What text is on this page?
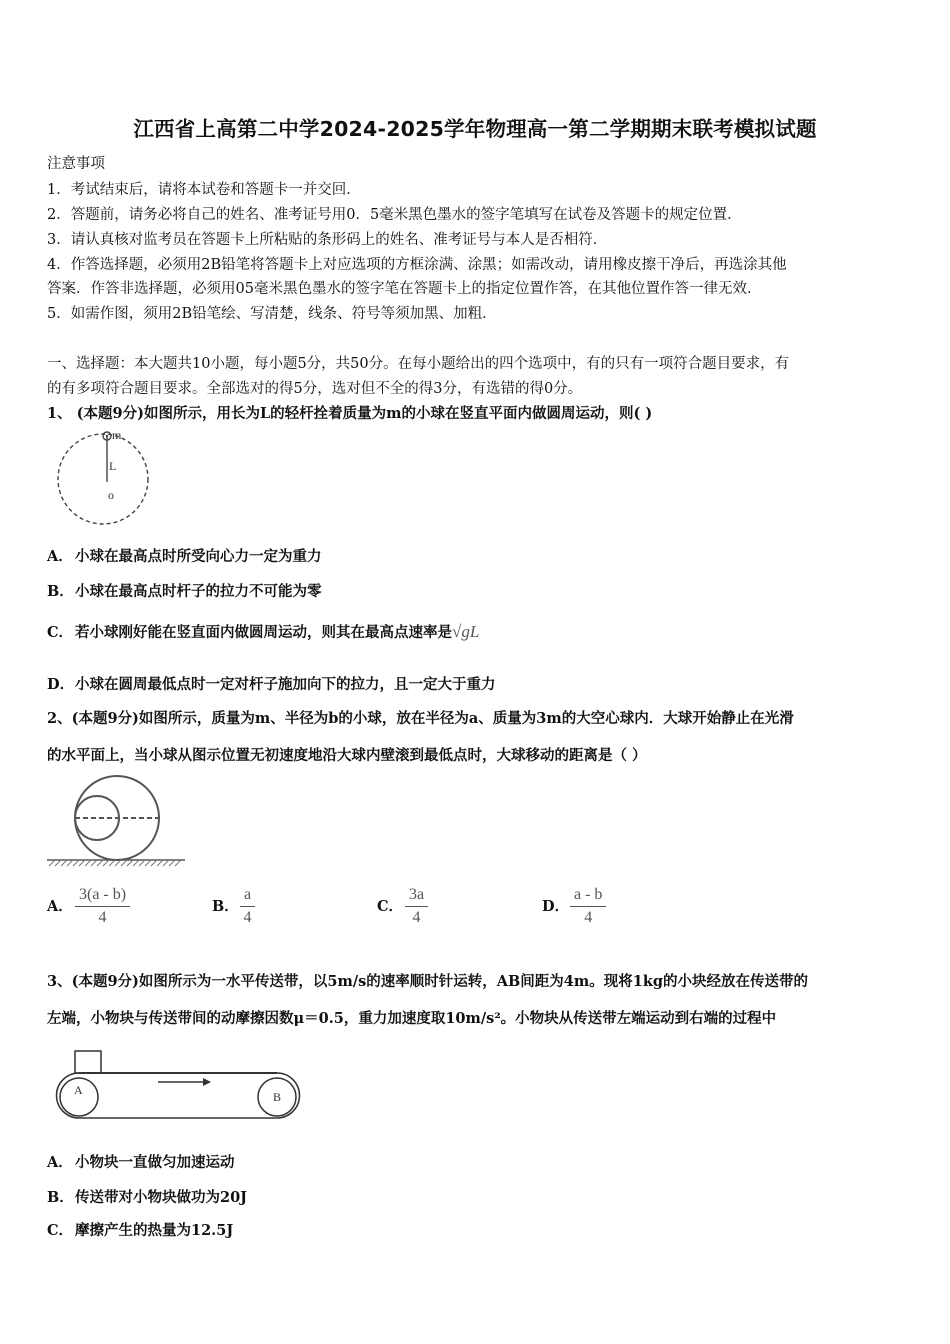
江西省上高第二中学2024-2025学年物理高一第二学期期末联考模拟试题
注意事项
1．考试结束后，请将本试卷和答题卡一并交回．
2．答题前，请务必将自己的姓名、准考证号用0．5毫米黑色墨水的签字笔填写在试卷及答题卡的规定位置．
3．请认真核对监考员在答题卡上所粘贴的条形码上的姓名、准考证号与本人是否相符．
4．作答选择题，必须用2B铅笔将答题卡上对应选项的方框涂满、涂黑；如需改动，请用橡皮擦干净后，再选涂其他
答案．作答非选择题，必须用05毫米黑色墨水的签字笔在答题卡上的指定位置作答，在其他位置作答一律无效．
5．如需作图，须用2B铅笔绘、写清楚，线条、符号等须加黑、加粗．
一、选择题：本大题共10小题，每小题5分，共50分。在每小题给出的四个选项中，有的只有一项符合题目要求，有
的有多项符合题目要求。全部选对的得5分，选对但不全的得3分，有选错的得0分。
1、 (本题9分)如图所示，用长为L的轻杆拴着质量为m的小球在竖直平面内做圆周运动，则( )
m
L
o
A． 小球在最高点时所受向心力一定为重力
B．小球在最高点时杆子的拉力不可能为零
C． 若小球刚好能在竖直面内做圆周运动，则其在最高点速率是√gL
D．小球在圆周最低点时一定对杆子施加向下的拉力，且一定大于重力
2、(本题9分)如图所示，质量为m、半径为b的小球，放在半径为a、质量为3m的大空心球内．大球开始静止在光滑
的水平面上，当小球从图示位置无初速度地沿大球内壁滚到最低点时，大球移动的距离是（ ）
A． $\frac{3(a - b)}{4}$	B． $\frac{a}{4}$	C． $\frac{3a}{4}$	D． $\frac{a - b}{4}$
3、(本题9分)如图所示为一水平传送带，以5m/s的速率顺时针运转，AB间距为4m。现将1kg的小块经放在传送带的
左端，小物块与传送带间的动摩擦因数μ＝0.5，重力加速度取10m/s²。小物块从传送带左端运动到右端的过程中
A	B
A． 小物块一直做匀加速运动
B．传送带对小物块做功为20J
C． 摩擦产生的热量为12.5J
